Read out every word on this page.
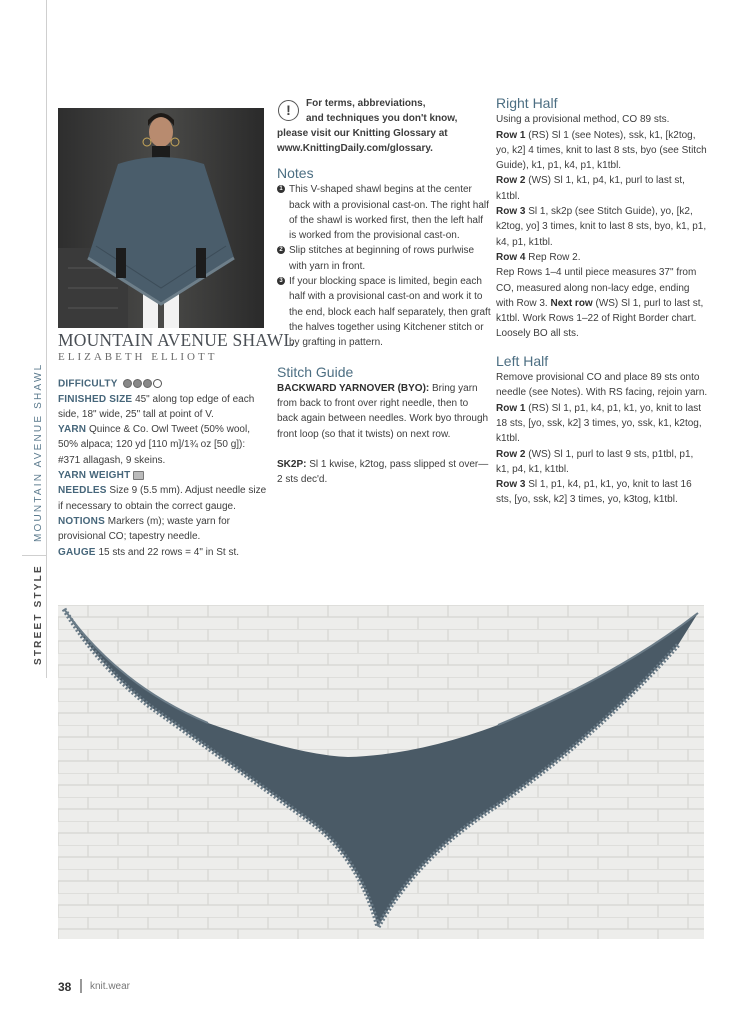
STREET STYLE
MOUNTAIN AVENUE SHAWL
MOUNTAIN AVENUE SHAWL
ELIZABETH ELLIOTT

DIFFICULTY

FINISHED SIZE 45" along top edge of each side, 18" wide, 25" tall at point of V.

YARN Quince & Co. Owl Tweet (50% wool, 50% alpaca; 120 yd [110 m]/1¾ oz [50 g]): #371 allagash, 9 skeins.

YARN WEIGHT

NEEDLES Size 9 (5.5 mm). Adjust needle size if necessary to obtain the correct gauge.

NOTIONS Markers (m); waste yarn for provisional CO; tapestry needle.

GAUGE 15 sts and 22 rows = 4" in St st.

!	For terms, abbreviations,
and techniques you don't know,
please visit our Knitting Glossary at
www.KnittingDaily.com/glossary.
Notes

1 This V-shaped shawl begins at the center back with a provisional cast-on. The right half of the shawl is worked first, then the left half is worked from the provisional cast-on.

2 Slip stitches at beginning of rows purlwise with yarn in front.

3 If your blocking space is limited, begin each half with a provisional cast-on and work it to the end, block each half separately, then graft the halves together using Kitchener stitch or by grafting in pattern.

Stitch Guide

BACKWARD YARNOVER (BYO): Bring yarn from back to front over right needle, then to back again between needles. Work byo through front loop (so that it twists) on next row.

SK2P: Sl 1 kwise, k2tog, pass slipped st over—2 sts dec'd.

Right Half

Using a provisional method, CO 89 sts.

Row 1 (RS) Sl 1 (see Notes), ssk, k1, [k2tog, yo, k2] 4 times, knit to last 8 sts, byo (see Stitch Guide), k1, p1, k4, p1, k1tbl.

Row 2 (WS) Sl 1, k1, p4, k1, purl to last st, k1tbl.

Row 3 Sl 1, sk2p (see Stitch Guide), yo, [k2, k2tog, yo] 3 times, knit to last 8 sts, byo, k1, p1, k4, p1, k1tbl.

Row 4 Rep Row 2.

Rep Rows 1–4 until piece measures 37" from CO, measured along non-lacy edge, ending with Row 3. Next row (WS) Sl 1, purl to last st, k1tbl. Work Rows 1–22 of Right Border chart. Loosely BO all sts.

Left Half

Remove provisional CO and place 89 sts onto needle (see Notes). With RS facing, rejoin yarn.

Row 1 (RS) Sl 1, p1, k4, p1, k1, yo, knit to last 18 sts, [yo, ssk, k2] 3 times, yo, ssk, k1, k2tog, k1tbl.

Row 2 (WS) Sl 1, purl to last 9 sts, p1tbl, p1, k1, p4, k1, k1tbl.

Row 3 Sl 1, p1, k4, p1, k1, yo, knit to last 16 sts, [yo, ssk, k2] 3 times, yo, k3tog, k1tbl.

38 knit.wear
